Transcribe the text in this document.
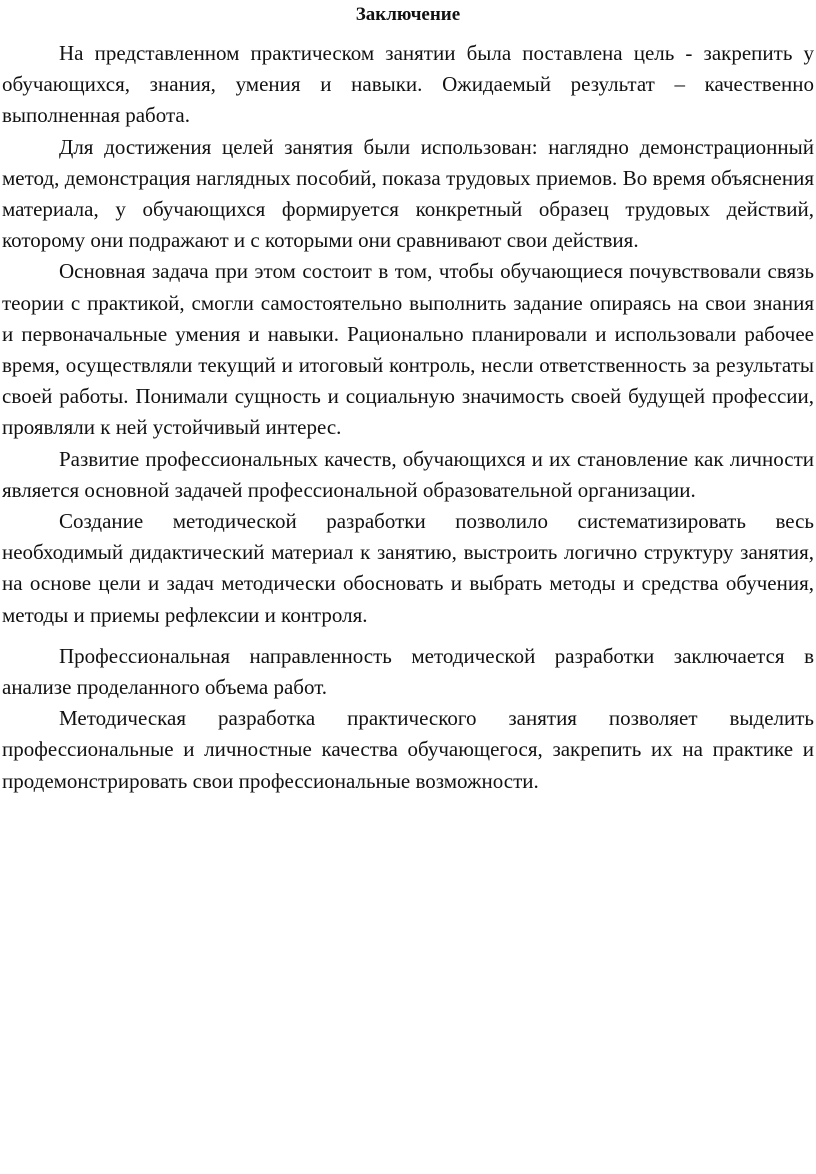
Заключение

На представленном практическом занятии была поставлена цель - закрепить у обучающихся, знания, умения и навыки. Ожидаемый результат – качественно выполненная работа.

Для достижения целей занятия были использован: наглядно демонстрационный метод, демонстрация наглядных пособий, показа трудовых приемов. Во время объяснения материала, у обучающихся формируется конкретный образец трудовых действий, которому они подражают и с которыми они сравнивают свои действия.

Основная задача при этом состоит в том, чтобы обучающиеся почувствовали связь теории с практикой, смогли самостоятельно выполнить задание опираясь на свои знания и первоначальные умения и навыки. Рационально планировали и использовали рабочее время, осуществляли текущий и итоговый контроль, несли ответственность за результаты своей работы. Понимали сущность и социальную значимость своей будущей профессии, проявляли к ней устойчивый интерес.

Развитие профессиональных качеств, обучающихся и их становление как личности является основной задачей профессиональной образовательной организации.

Создание методической разработки позволило систематизировать весь необходимый дидактический материал к занятию, выстроить логично структуру занятия, на основе цели и задач методически обосновать и выбрать методы и средства обучения, методы и приемы рефлексии и контроля.

Профессиональная направленность методической разработки заключается в анализе проделанного объема работ.

Методическая разработка практического занятия позволяет выделить профессиональные и личностные качества обучающегося, закрепить их на практике и продемонстрировать свои профессиональные возможности.
